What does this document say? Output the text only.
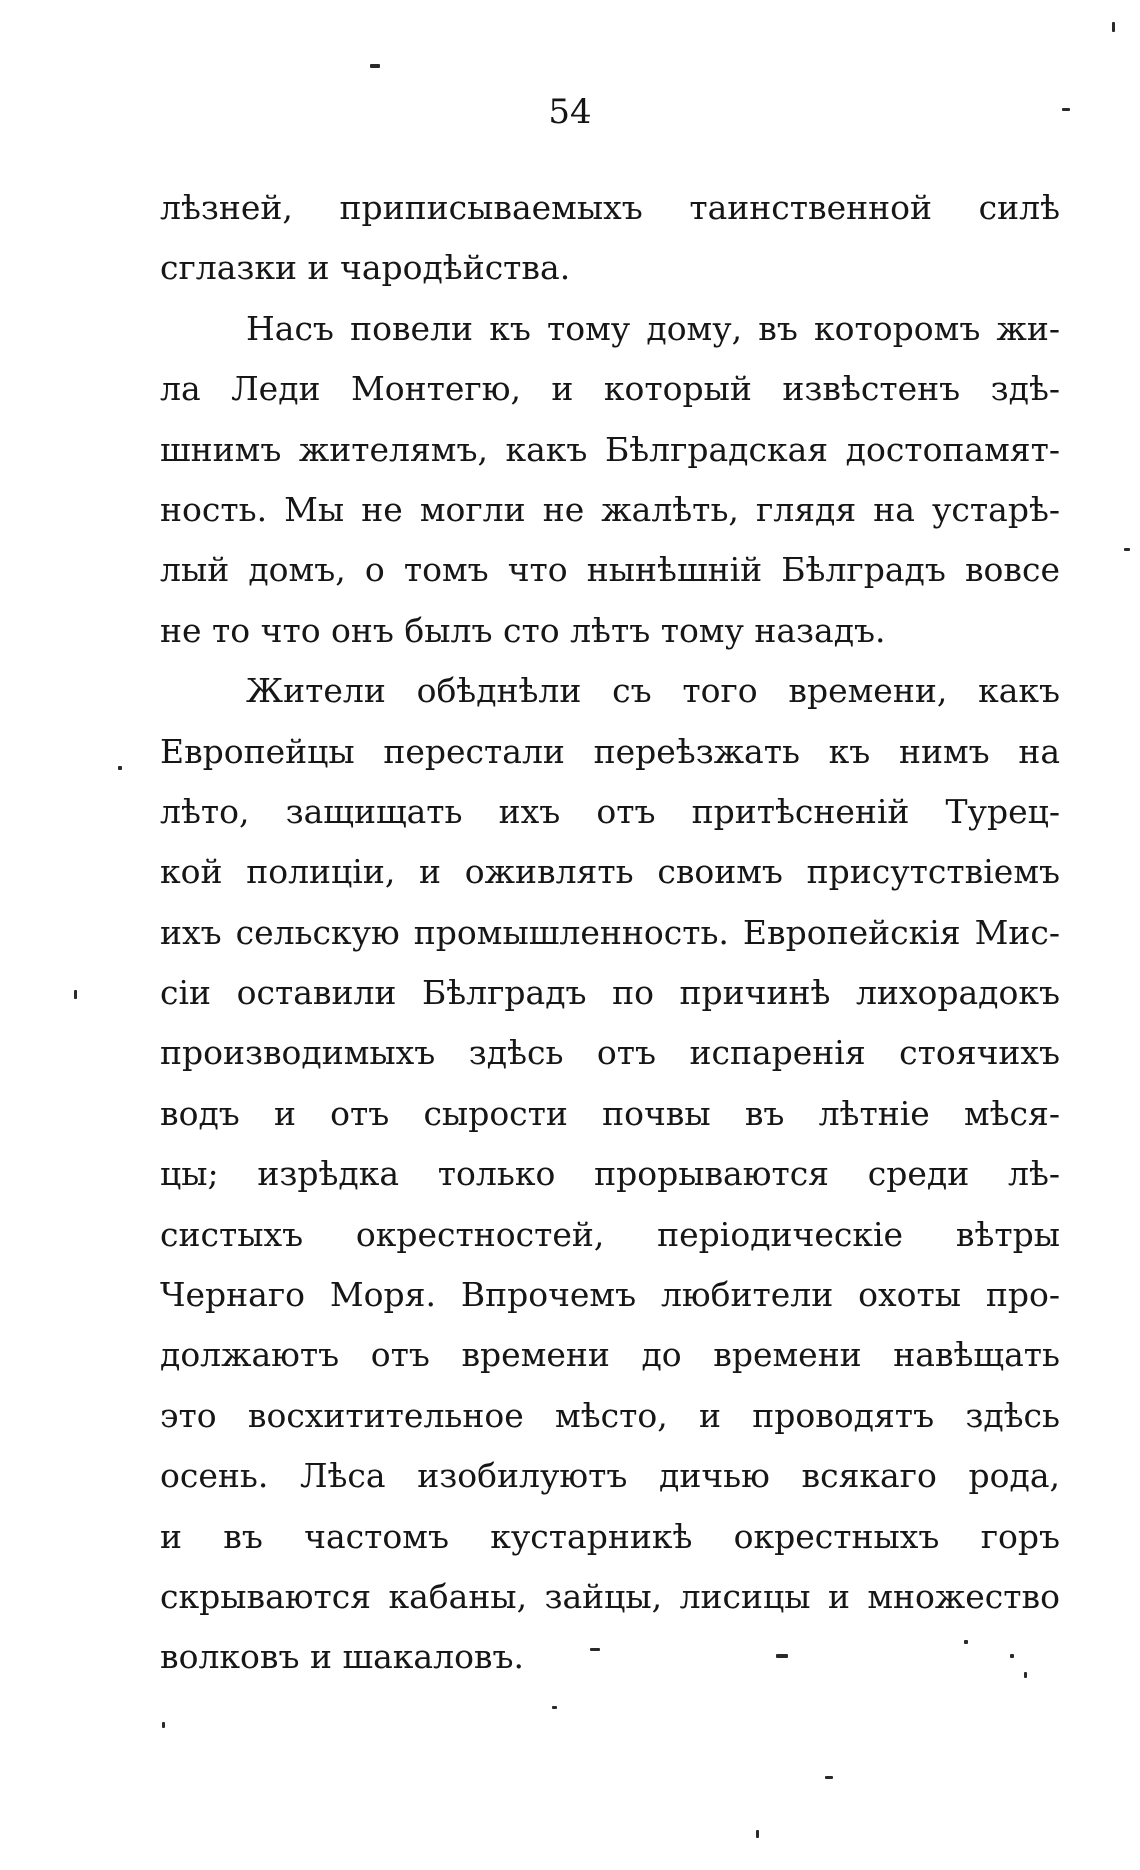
54
лѣзней, приписываемыхъ таинственной силѣ
сглазки и чародѣйства.
Насъ повели къ тому дому, въ которомъ жи-
ла Леди Монтегю, и который извѣстенъ здѣ-
шнимъ жителямъ, какъ Бѣлградская достопамят-
ность. Мы не могли не жалѣть, глядя на устарѣ-
лый домъ, о томъ что нынѣшній Бѣлградъ вовсе
не то что онъ былъ сто лѣтъ тому назадъ.
Жители обѣднѣли съ того времени, какъ
Европейцы перестали переѣзжать къ нимъ на
лѣто, защищать ихъ отъ притѣсненій Турец-
кой полиціи, и оживлять своимъ присутствіемъ
ихъ сельскую промышленность. Европейскія Мис-
сіи оставили Бѣлградъ по причинѣ лихорадокъ
производимыхъ здѣсь отъ испаренія стоячихъ
водъ и отъ сырости почвы въ лѣтніе мѣся-
цы; изрѣдка только прорываются среди лѣ-
систыхъ окрестностей, періодическіе вѣтры
Чернаго Моря. Впрочемъ любители охоты про-
должаютъ отъ времени до времени навѣщать
это восхитительное мѣсто, и проводятъ здѣсь
осень. Лѣса изобилуютъ дичью всякаго рода,
и въ частомъ кустарникѣ окрестныхъ горъ
скрываются кабаны, зайцы, лисицы и множество
волковъ и шакаловъ.
